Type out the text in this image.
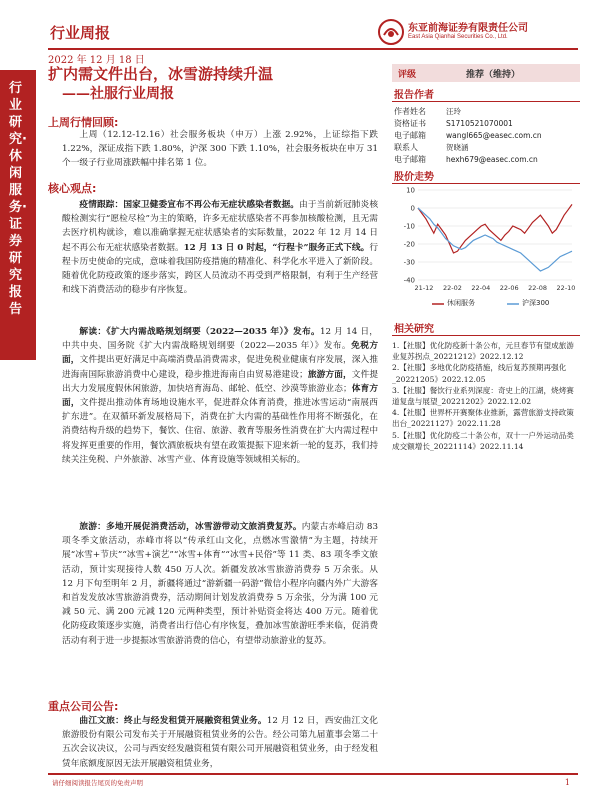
行业周报	东亚前海证券有限责任公司
East Asia Qianhai Securities Co., Ltd.
2022 年 12 月 18 日
行业研究·休闲服务·证券研究报告
扩内需文件出台，冰雪游持续升温
——社服行业周报
上周行情回顾:
上周（12.12-12.16）社会服务板块（申万）上涨 2.92%，上证综指下跌 1.22%，深证成指下跌 1.80%，沪深 300 下跌 1.10%，社会服务板块在申万 31 个一级子行业周涨跌幅中排名第 1 位。
核心观点:
疫情跟踪：国家卫健委宣布不再公布无症状感染者数据。由于当前新冠肺炎核酸检测实行“愿检尽检”为主的策略，许多无症状感染者不再参加核酸检测，且无需去医疗机构就诊，难以准确掌握无症状感染者的实际数量，2022 年 12 月 14 日起不再公布无症状感染者数据。12 月 13 日 0 时起，“行程卡”服务正式下线。行程卡历史使命的完成，意味着我国防疫措施的精准化、科学化水平进入了新阶段。随着优化防疫政策的逐步落实，跨区人员流动不再受到严格限制，有利于生产经营和线下消费活动的稳步有序恢复。
解读：《扩大内需战略规划纲要（2022—2035 年）》发布。12 月 14 日，中共中央、国务院《扩大内需战略规划纲要（2022—2035 年）》发布。免税方面，文件提出更好满足中高端消费品消费需求，促进免税业健康有序发展，深入推进海南国际旅游消费中心建设，稳步推进海南自由贸易港建设；旅游方面，文件提出大力发展度假休闲旅游，加快培育海岛、邮轮、低空、沙漠等旅游业态；体育方面，文件提出推动体育场地设施水平，促进群众体育消费，推进冰雪运动“南展西扩东进”。在双循环新发展格局下，消费在扩大内需的基础性作用将不断强化，在消费结构升级的趋势下，餐饮、住宿、旅游、教育等服务性消费在扩大内需过程中将发挥更重要的作用，餐饮酒旅板块有望在政策提振下迎来新一轮的复苏，我们持续关注免税、户外旅游、冰雪产业、体育设施等领域相关标的。
旅游：多地开展促消费活动，冰雪游带动文旅消费复苏。内蒙古赤峰启动 83 项冬季文旅活动，赤峰市将以“传承红山文化，点燃冰雪激情”为主题，持续开展“冰雪+节庆”“冰雪+演艺”“冰雪+体育”“冰雪+民俗”等 11 类、83 项冬季文旅活动，预计实现接待人数 450 万人次。新疆发放冰雪旅游消费券 5 万余张。从 12 月下旬至明年 2 月，新疆将通过“游新疆一码游”微信小程序向疆内外广大游客和首发发放冰雪旅游消费券，活动期间计划发放消费券 5 万余张，分为满 100 元减 50 元、满 200 元减 120 元两种类型，预计补贴资金将达 400 万元。随着优化防疫政策逐步实施，消费者出行信心有序恢复，叠加冰雪旅游旺季来临，促消费活动有利于进一步提振冰雪旅游消费的信心，有望带动旅游业的复苏。
重点公司公告:
曲江文旅：终止与经发租赁开展融资租赁业务。12 月 12 日，西安曲江文化旅游股份有限公司发布关于开展融资租赁业务的公告。经公司第九届董事会第二十五次会议决议，公司与西安经发融资租赁有限公司开展融资租赁业务，由于经发租赁年底额度原因无法开展融资租赁业务，
评级	推荐（维持）
报告作者
作者姓名	汪玲
资格证书	S1710521070001
电子邮箱	wangl665@easec.com.cn
联系人	贺晓涵
电子邮箱	hexh679@easec.com.cn
股价走势
10
0
-10
-20
-30
-40
21-12 22-02 22-04 22-06 22-08 22-10
休闲服务	沪深300
相关研究
1.【社服】优化防疫新十条公布，元旦春节有望成旅游业复苏拐点_20221212》2022.12.12
2.【社服】多地优化防疫措施，线后复苏预期再强化_20221205》2022.12.05
3.【社服】餐饮行业系列深度：奇史上的江湖，烧烤赛道复盘与展望_20221202》2022.12.02
4.【社服】世界杯开赛聚体业推新，露营旅游支持政策出台_20221127》2022.11.28
5.【社服】优化防疫二十条公布，双十一户外运动品类成交额增长_20221114》2022.11.14
请仔细阅读报告尾页的免责声明	1
